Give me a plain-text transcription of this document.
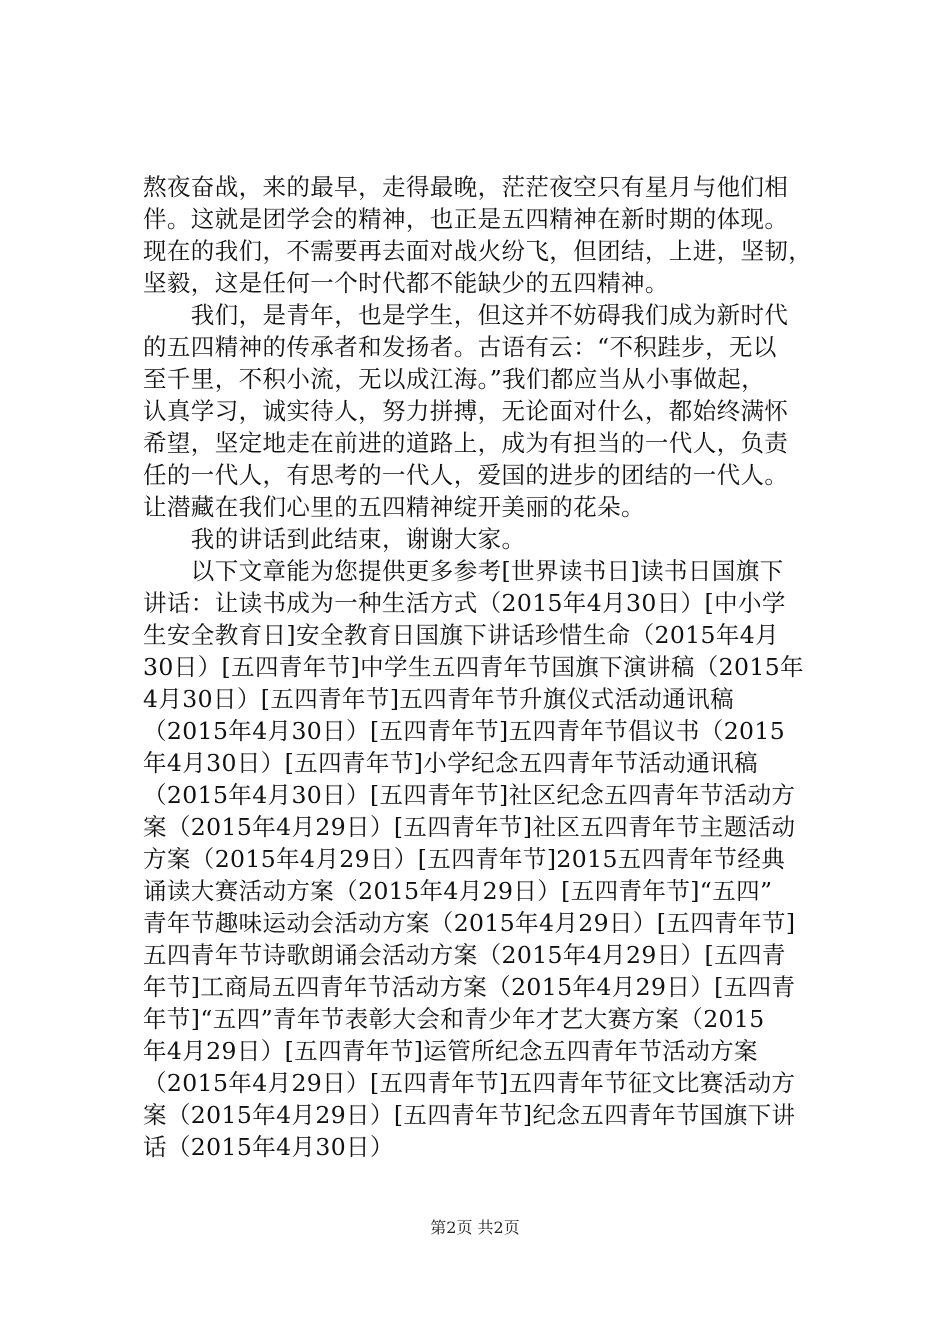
熬夜奋战，来的最早，走得最晚，茫茫夜空只有星月与他们相
伴。这就是团学会的精神，也正是五四精神在新时期的体现。
现在的我们，不需要再去面对战火纷飞，但团结，上进，坚韧，
坚毅，这是任何一个时代都不能缺少的五四精神。
　　我们，是青年，也是学生，但这并不妨碍我们成为新时代
的五四精神的传承者和发扬者。古语有云：“不积跬步，无以
至千里，不积小流，无以成江海。”我们都应当从小事做起，
认真学习，诚实待人，努力拼搏，无论面对什么，都始终满怀
希望，坚定地走在前进的道路上，成为有担当的一代人，负责
任的一代人，有思考的一代人，爱国的进步的团结的一代人。
让潜藏在我们心里的五四精神绽开美丽的花朵。
　　我的讲话到此结束，谢谢大家。
　　以下文章能为您提供更多参考[世界读书日]读书日国旗下
讲话：让读书成为一种生活方式（2015年4月30日）[中小学
生安全教育日]安全教育日国旗下讲话珍惜生命（2015年4月
30日）[五四青年节]中学生五四青年节国旗下演讲稿（2015年
4月30日）[五四青年节]五四青年节升旗仪式活动通讯稿
（2015年4月30日）[五四青年节]五四青年节倡议书（2015
年4月30日）[五四青年节]小学纪念五四青年节活动通讯稿
（2015年4月30日）[五四青年节]社区纪念五四青年节活动方
案（2015年4月29日）[五四青年节]社区五四青年节主题活动
方案（2015年4月29日）[五四青年节]2015五四青年节经典
诵读大赛活动方案（2015年4月29日）[五四青年节]“五四”
青年节趣味运动会活动方案（2015年4月29日）[五四青年节]
五四青年节诗歌朗诵会活动方案（2015年4月29日）[五四青
年节]工商局五四青年节活动方案（2015年4月29日）[五四青
年节]“五四”青年节表彰大会和青少年才艺大赛方案（2015
年4月29日）[五四青年节]运管所纪念五四青年节活动方案
（2015年4月29日）[五四青年节]五四青年节征文比赛活动方
案（2015年4月29日）[五四青年节]纪念五四青年节国旗下讲
话（2015年4月30日）
第2页 共2页
